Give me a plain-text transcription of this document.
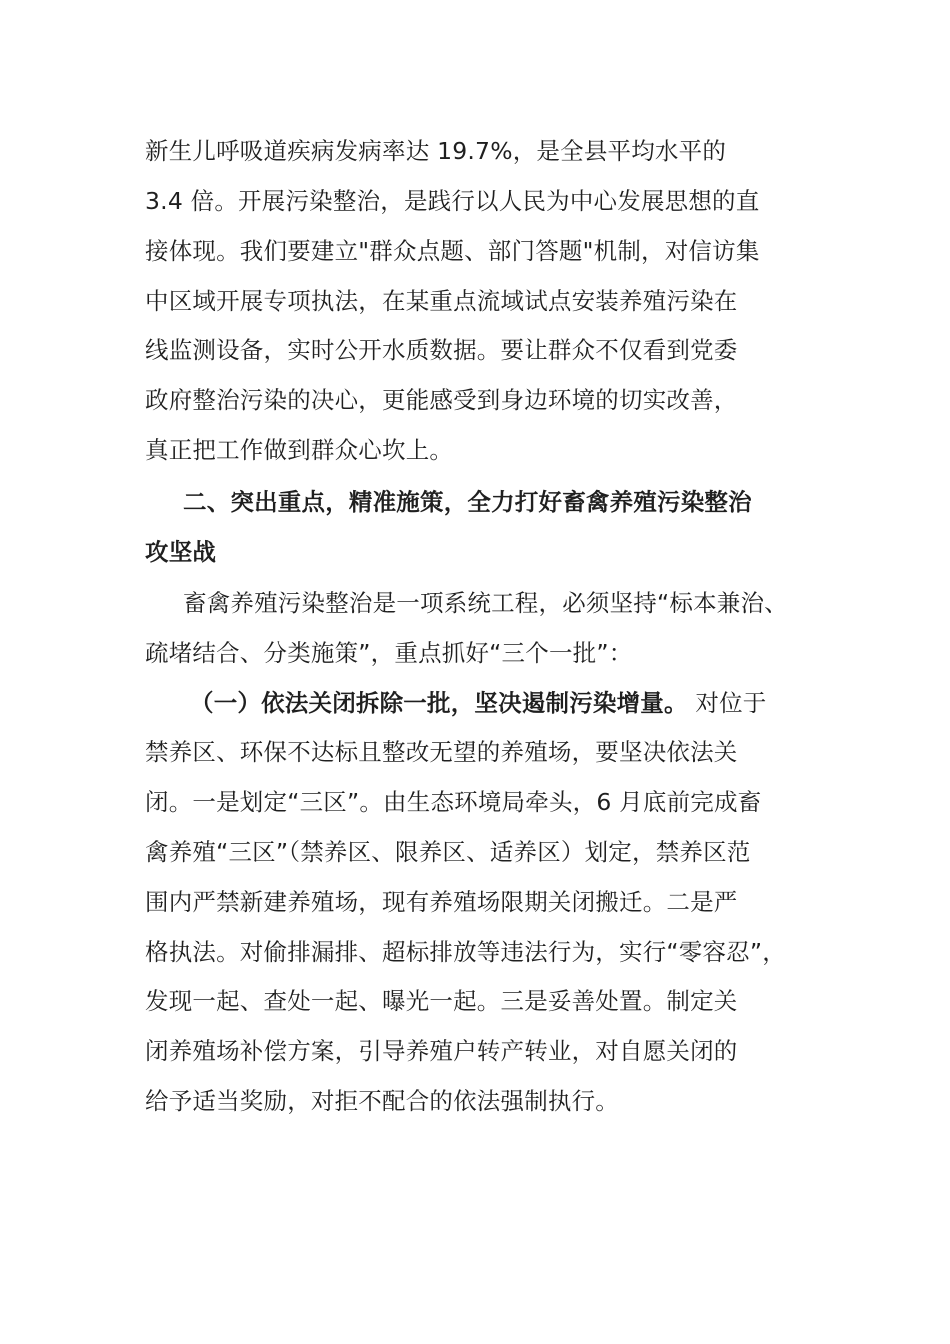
新生儿呼吸道疾病发病率达 19.7%，是全县平均水平的
3.4 倍。开展污染整治，是践行以人民为中心发展思想的直
接体现。我们要建立"群众点题、部门答题"机制，对信访集
中区域开展专项执法，在某重点流域试点安装养殖污染在
线监测设备，实时公开水质数据。要让群众不仅看到党委
政府整治污染的决心，更能感受到身边环境的切实改善，
真正把工作做到群众心坎上。
二、突出重点，精准施策，全力打好畜禽养殖污染整治
攻坚战
畜禽养殖污染整治是一项系统工程，必须坚持“标本兼治、
疏堵结合、分类施策”，重点抓好“三个一批”：
（一）依法关闭拆除一批，坚决遏制污染增量。 对位于
禁养区、环保不达标且整改无望的养殖场，要坚决依法关
闭。一是划定“三区”。由生态环境局牵头，6 月底前完成畜
禽养殖“三区”（禁养区、限养区、适养区）划定，禁养区范
围内严禁新建养殖场，现有养殖场限期关闭搬迁。二是严
格执法。对偷排漏排、超标排放等违法行为，实行“零容忍”，
发现一起、查处一起、曝光一起。三是妥善处置。制定关
闭养殖场补偿方案，引导养殖户转产转业，对自愿关闭的
给予适当奖励，对拒不配合的依法强制执行。
